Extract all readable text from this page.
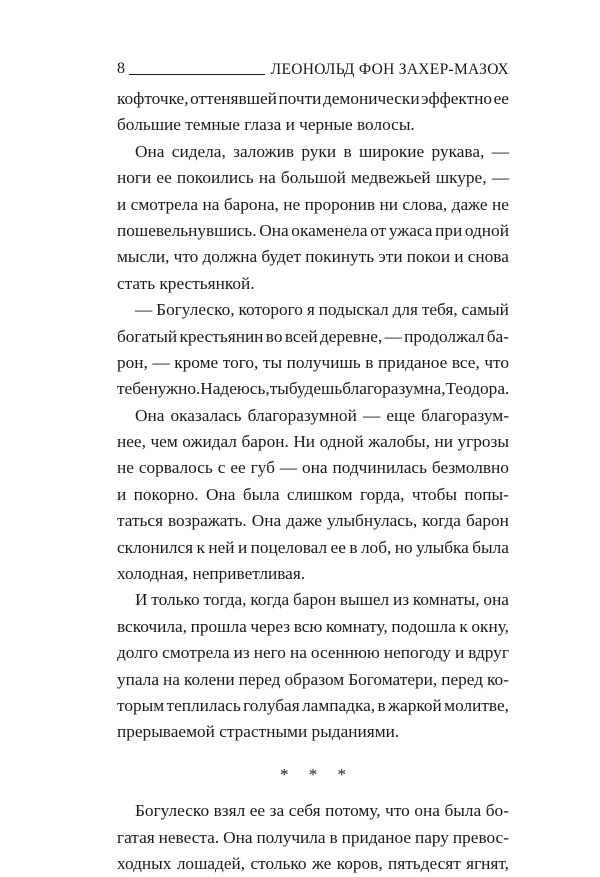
8	ЛЕОНОЛЬД ФОН ЗАХЕР-МАЗОХ
кофточке, оттенявшей почти демонически эффектно ее
большие темные глаза и черные волосы.
Она сидела, заложив руки в широкие рукава, —
ноги ее покоились на большой медвежьей шкуре, —
и смотрела на барона, не проронив ни слова, даже не
пошевельнувшись. Она окаменела от ужаса при одной
мысли, что должна будет покинуть эти покои и снова
стать крестьянкой.
— Богулеско, которого я подыскал для тебя, самый
богатый крестьянин во всей деревне, — продолжал ба-
рон, — кроме того, ты получишь в приданое все, что
тебе нужно. Надеюсь, ты будешь благоразумна, Теодора.
Она оказалась благоразумной — еще благоразум-
нее, чем ожидал барон. Ни одной жалобы, ни угрозы
не сорвалось с ее губ — она подчинилась безмолвно
и покорно. Она была слишком горда, чтобы попы-
таться возражать. Она даже улыбнулась, когда барон
склонился к ней и поцеловал ее в лоб, но улыбка была
холодная, неприветливая.
И только тогда, когда барон вышел из комнаты, она
вскочила, прошла через всю комнату, подошла к окну,
долго смотрела из него на осеннюю непогоду и вдруг
упала на колени перед образом Богоматери, перед ко-
торым теплилась голубая лампадка, в жаркой молитве,
прерываемой страстными рыданиями.
* * *
Богулеско взял ее за себя потому, что она была бо-
гатая невеста. Она получила в приданое пару превос-
ходных лошадей, столько же коров, пятьдесят ягнят,
